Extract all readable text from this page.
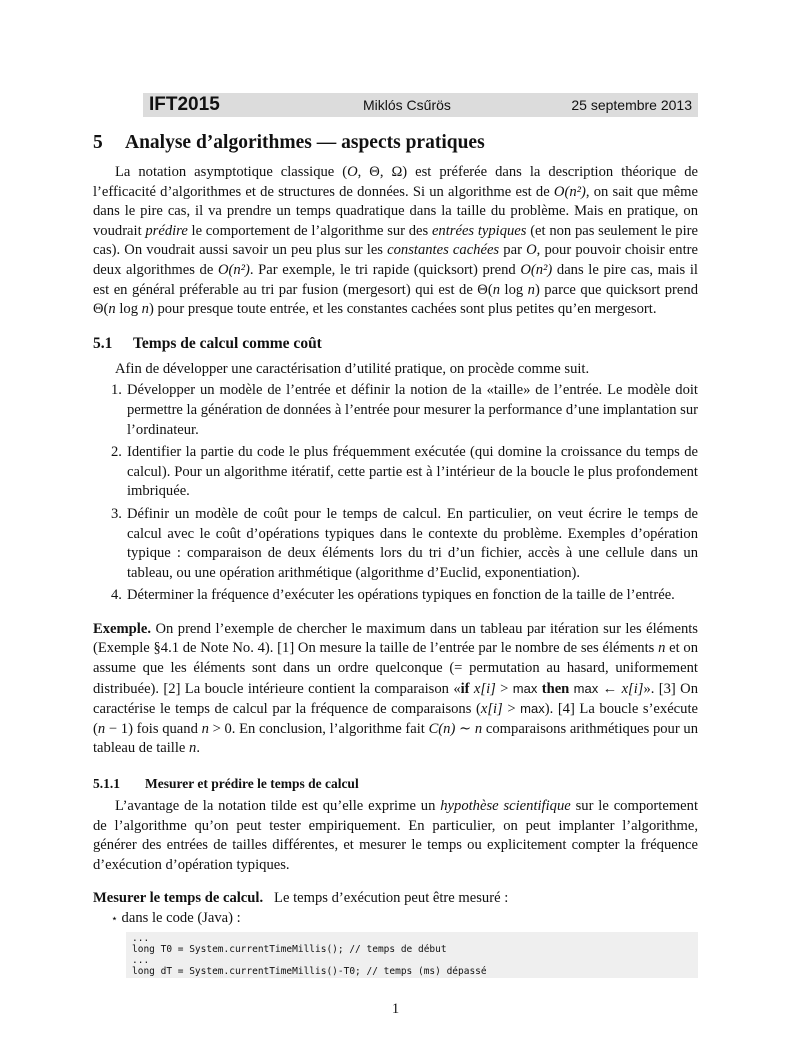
IFT2015	Miklós Csűrös	25 septembre 2013
5 Analyse d’algorithmes — aspects pratiques
La notation asymptotique classique (O, Θ, Ω) est préferée dans la description théorique de l’efficacité d’algorithmes et de structures de données. Si un algorithme est de O(n²), on sait que même dans le pire cas, il va prendre un temps quadratique dans la taille du problème. Mais en pratique, on voudrait prédire le comportement de l’algorithme sur des entrées typiques (et non pas seulement le pire cas). On voudrait aussi savoir un peu plus sur les constantes cachées par O, pour pouvoir choisir entre deux algorithmes de O(n²). Par exemple, le tri rapide (quicksort) prend O(n²) dans le pire cas, mais il est en général préferable au tri par fusion (mergesort) qui est de Θ(n log n) parce que quicksort prend Θ(n log n) pour presque toute entrée, et les constantes cachées sont plus petites qu’en mergesort.
5.1 Temps de calcul comme coût
Afin de développer une caractérisation d’utilité pratique, on procède comme suit.
1. Développer un modèle de l’entrée et définir la notion de la «taille» de l’entrée. Le modèle doit permettre la génération de données à l’entrée pour mesurer la performance d’une implantation sur l’ordinateur.
2. Identifier la partie du code le plus fréquemment exécutée (qui domine la croissance du temps de calcul). Pour un algorithme itératif, cette partie est à l’intérieur de la boucle le plus profondement imbriquée.
3. Définir un modèle de coût pour le temps de calcul. En particulier, on veut écrire le temps de calcul avec le coût d’opérations typiques dans le contexte du problème. Exemples d’opération typique : comparaison de deux éléments lors du tri d’un fichier, accès à une cellule dans un tableau, ou une opération arithmétique (algorithme d’Euclid, exponentiation).
4. Déterminer la fréquence d’exécuter les opérations typiques en fonction de la taille de l’entrée.
Exemple. On prend l’exemple de chercher le maximum dans un tableau par itération sur les éléments (Exemple §4.1 de Note No. 4). [1] On mesure la taille de l’entrée par le nombre de ses éléments n et on assume que les éléments sont dans un ordre quelconque (= permutation au hasard, uniformement distribuée). [2] La boucle intérieure contient la comparaison «if x[i] > max then max ← x[i]». [3] On caractérise le temps de calcul par la fréquence de comparaisons (x[i] > max). [4] La boucle s’exécute (n − 1) fois quand n > 0. En conclusion, l’algorithme fait C(n) ∼ n comparaisons arithmétiques pour un tableau de taille n.
5.1.1 Mesurer et prédire le temps de calcul
L’avantage de la notation tilde est qu’elle exprime un hypothèse scientifique sur le comportement de l’algorithme qu’on peut tester empiriquement. En particulier, on peut implanter l’algorithme, générer des entrées de tailles différentes, et mesurer le temps ou explicitement compter la fréquence d’exécution d’opération typiques.
Mesurer le temps de calcul. Le temps d’exécution peut être mesuré :
⋆ dans le code (Java) :
...
long T0 = System.currentTimeMillis(); // temps de début
...
long dT = System.currentTimeMillis()-T0; // temps (ms) dépassé
1
